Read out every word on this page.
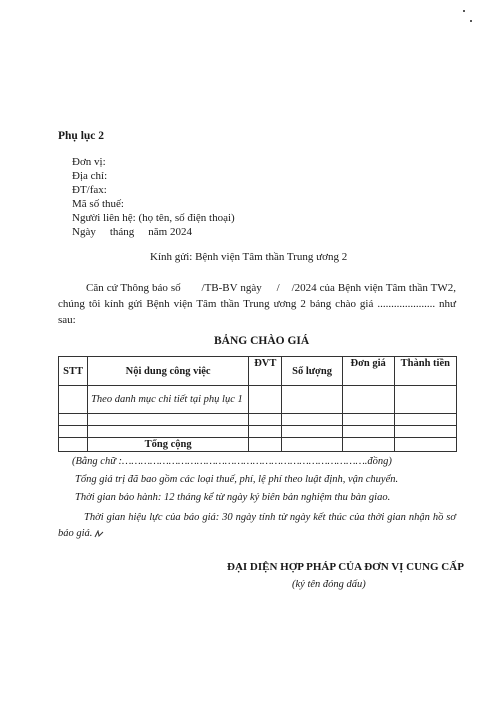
Phụ lục 2
Đơn vị:
Địa chỉ:
ĐT/fax:
Mã số thuế:
Người liên hệ: (họ tên, số điện thoại)
Ngày tháng năm 2024
Kính gửi: Bệnh viện Tâm thần Trung ương 2
Căn cứ Thông báo số       /TB-BV ngày     /    /2024 của Bệnh viện Tâm thần TW2, chúng tôi kính gửi Bệnh viện Tâm thần Trung ương 2 bảng chào giá ..................... như sau:
BẢNG CHÀO GIÁ
STT	Nội dung công việc	ĐVT	Số lượng	Đơn giá	Thành tiền
	Theo danh mục chi tiết tại phụ lục 1				

	Tổng cộng				
(Bằng chữ :…………………………………………………………………….đồng)
Tổng giá trị đã bao gồm các loại thuế, phí, lệ phí theo luật định, vận chuyển.
Thời gian bảo hành: 12 tháng kể từ ngày ký biên bản nghiệm thu bàn giao.
Thời gian hiệu lực của báo giá: 30 ngày tính từ ngày kết thúc của thời gian nhận hồ sơ báo giá.
ĐẠI DIỆN HỢP PHÁP CỦA ĐƠN VỊ CUNG CẤP
(ký tên đóng dấu)
